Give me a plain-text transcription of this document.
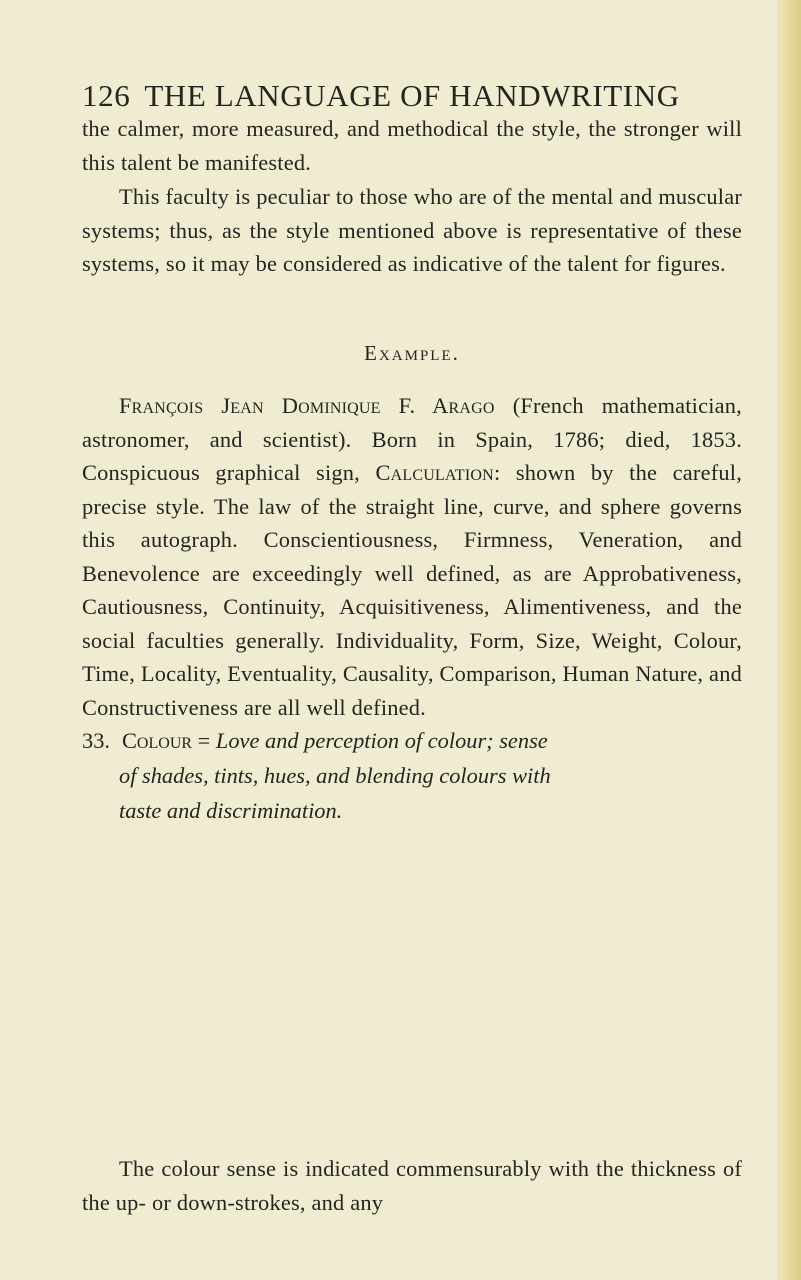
126 THE LANGUAGE OF HANDWRITING

the calmer, more measured, and methodical the style, the stronger will this talent be manifested.

This faculty is peculiar to those who are of the mental and muscular systems; thus, as the style mentioned above is representative of these systems, so it may be considered as indicative of the talent for figures.

Example.

François Jean Dominique F. Arago (French mathematician, astronomer, and scientist). Born in Spain, 1786; died, 1853. Conspicuous graphical sign, Calculation: shown by the careful, precise style. The law of the straight line, curve, and sphere governs this autograph. Conscientiousness, Firmness, Veneration, and Benevolence are exceedingly well defined, as are Approbativeness, Cautiousness, Continuity, Acquisitiveness, Alimentiveness, and the social faculties generally. Individuality, Form, Size, Weight, Colour, Time, Locality, Eventuality, Causality, Comparison, Human Nature, and Constructiveness are all well defined.

33. Colour = Love and perception of colour; sense
of shades, tints, hues, and blending colours with
taste and discrimination.

The colour sense is indicated commensurably with the thickness of the up- or down-strokes, and any
